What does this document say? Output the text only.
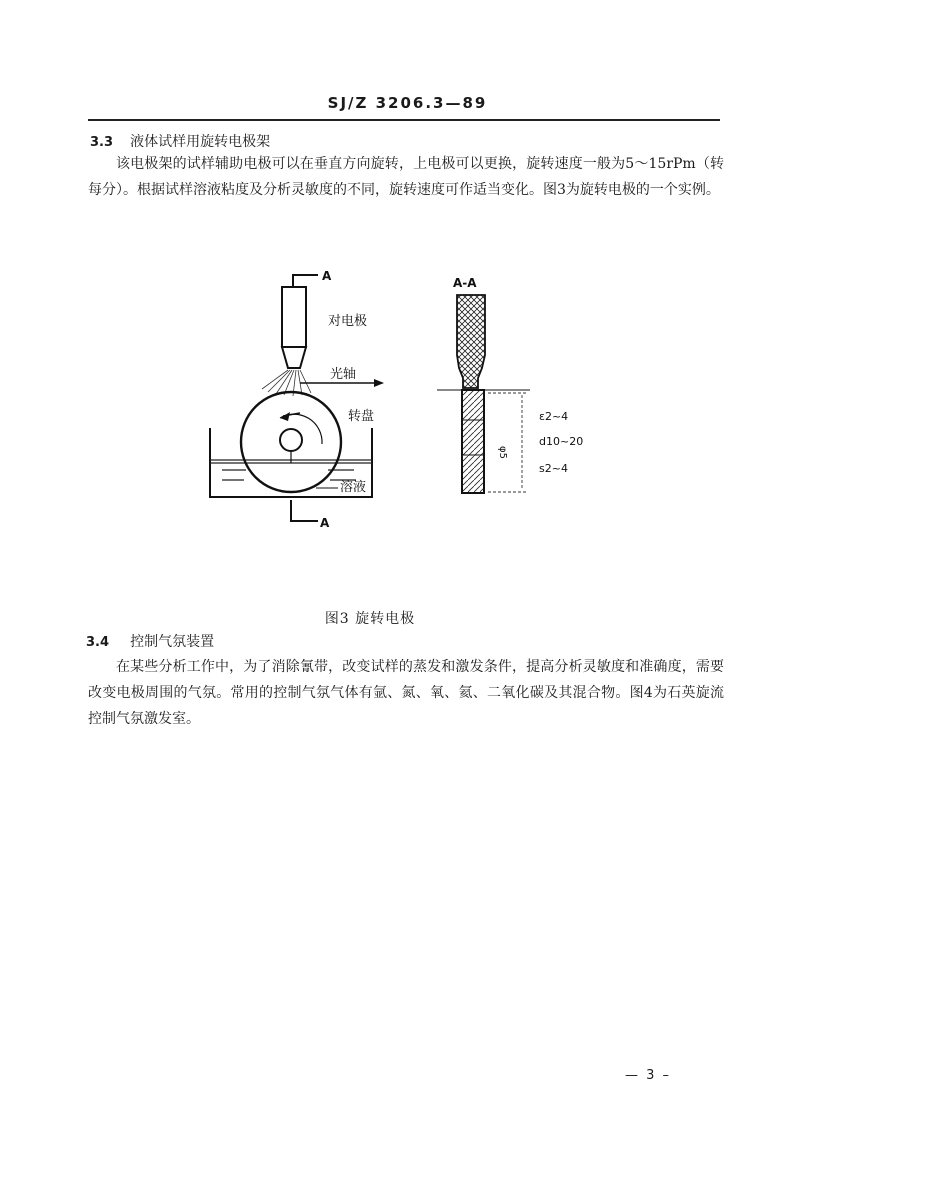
SJ/Z 3206.3—89
3.3 液体试样用旋转电极架
该电极架的试样辅助电极可以在垂直方向旋转，上电极可以更换，旋转速度一般为5～15rPm（转每分）。根据试样溶液粘度及分析灵敏度的不同，旋转速度可作适当变化。图3为旋转电极的一个实例。
A
对电极
光轴
转盘
溶液
A
A-A
φ5
ε2~4
d10~20
s2~4
图3 旋转电极
3.4 控制气氛装置
在某些分析工作中，为了消除氰带，改变试样的蒸发和激发条件，提高分析灵敏度和准确度，需要改变电极周围的气氛。常用的控制气氛气体有氩、氮、氧、氦、二氧化碳及其混合物。图4为石英旋流控制气氛激发室。
— 3 –
